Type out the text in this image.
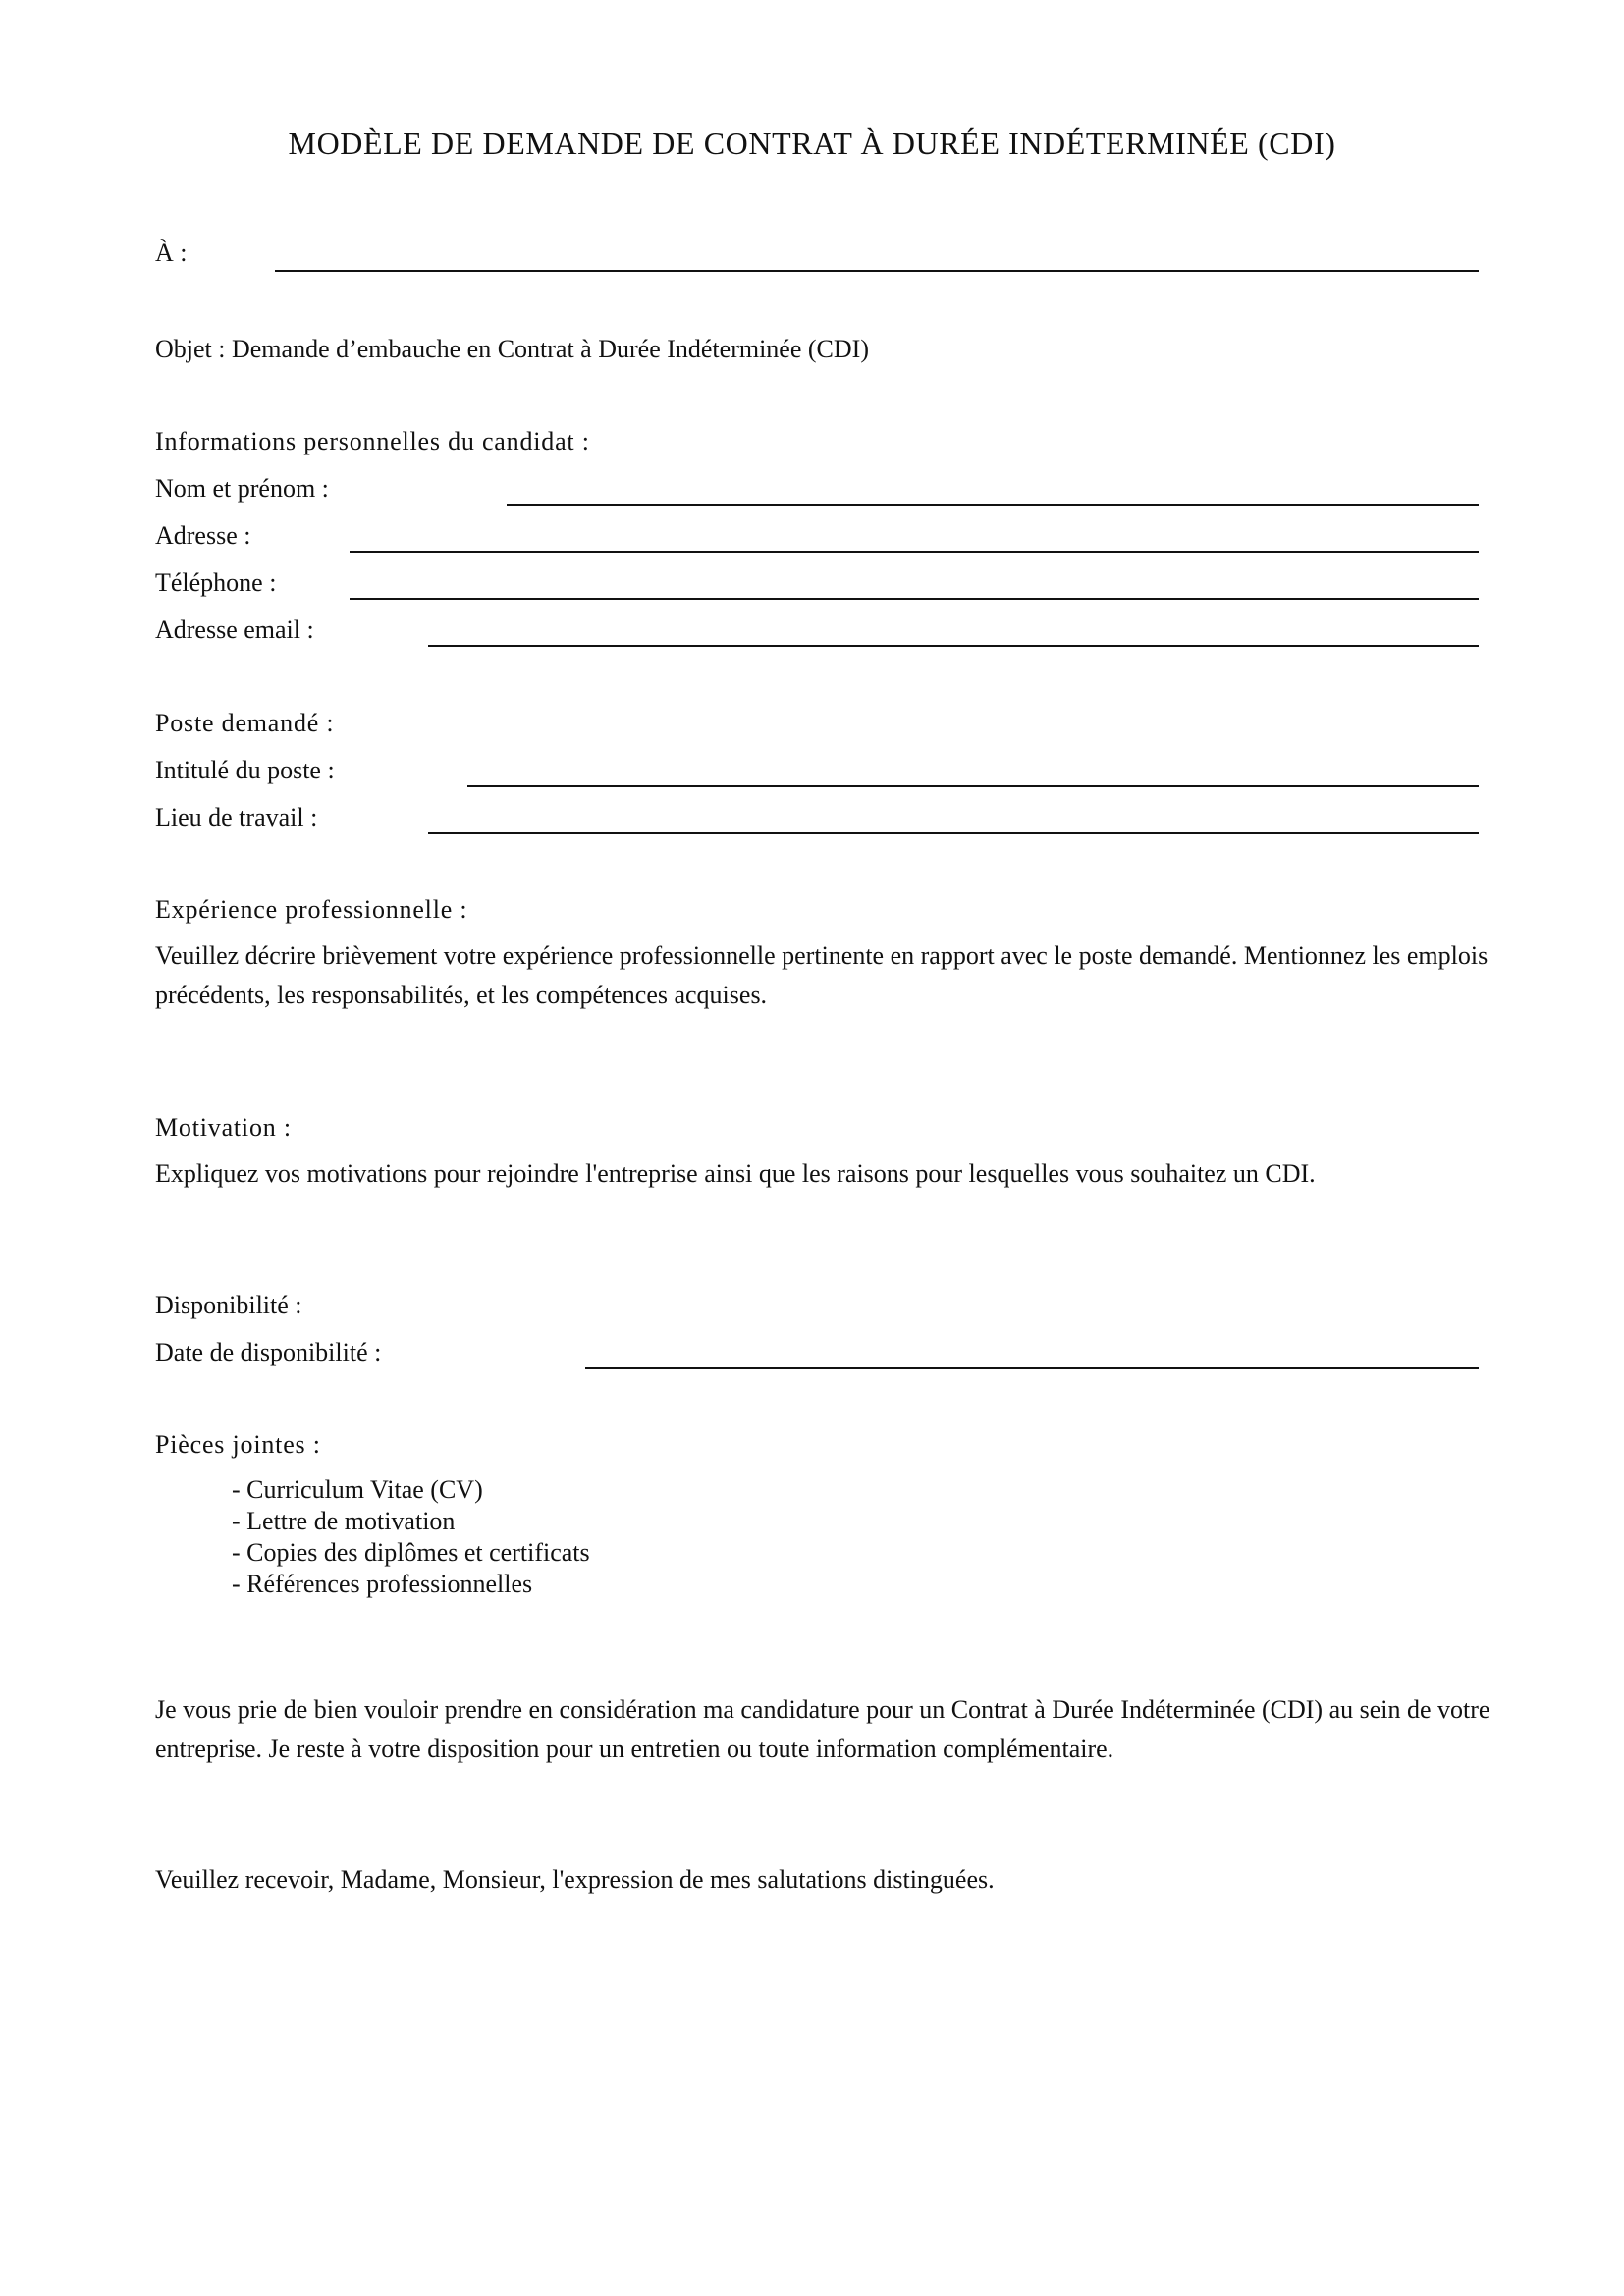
MODÈLE DE DEMANDE DE CONTRAT À DURÉE INDÉTERMINÉE (CDI)
À :
Objet : Demande d’embauche en Contrat à Durée Indéterminée (CDI)
Informations personnelles du candidat :
Nom et prénom :
Adresse :
Téléphone :
Adresse email :
Poste demandé :
Intitulé du poste :
Lieu de travail :
Expérience professionnelle :
Veuillez décrire brièvement votre expérience professionnelle pertinente en rapport avec le poste demandé. Mentionnez les emplois précédents, les responsabilités, et les compétences acquises.
Motivation :
Expliquez vos motivations pour rejoindre l'entreprise ainsi que les raisons pour lesquelles vous souhaitez un CDI.
Disponibilité :
Date de disponibilité :
Pièces jointes :
- Curriculum Vitae (CV)
- Lettre de motivation
- Copies des diplômes et certificats
- Références professionnelles
Je vous prie de bien vouloir prendre en considération ma candidature pour un Contrat à Durée Indéterminée (CDI) au sein de votre entreprise. Je reste à votre disposition pour un entretien ou toute information complémentaire.
Veuillez recevoir, Madame, Monsieur, l'expression de mes salutations distinguées.
